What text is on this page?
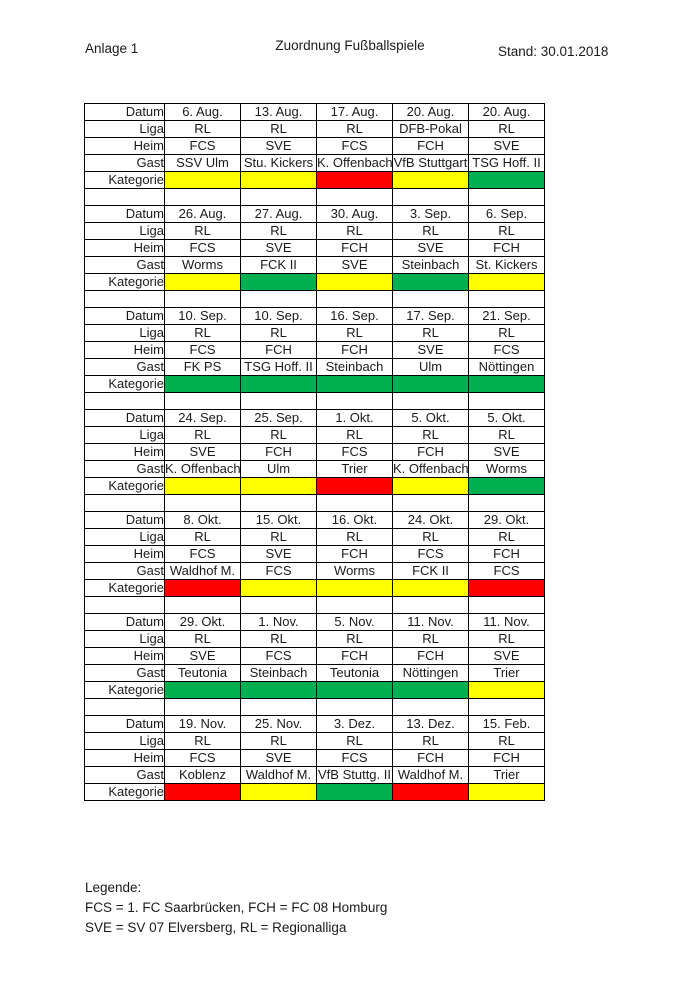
Anlage 1	Zuordnung Fußballspiele	Stand: 30.01.2018
Datum	6. Aug.	13. Aug.	17. Aug.	20. Aug.	20. Aug.
Liga	RL	RL	RL	DFB-Pokal	RL
Heim	FCS	SVE	FCS	FCH	SVE
Gast	SSV Ulm	Stu. Kickers	K. Offenbach	VfB Stuttgart	TSG Hoff. II
Kategorie					

Datum	26. Aug.	27. Aug.	30. Aug.	3. Sep.	6. Sep.
Liga	RL	RL	RL	RL	RL
Heim	FCS	SVE	FCH	SVE	FCH
Gast	Worms	FCK II	SVE	Steinbach	St. Kickers
Kategorie					

Datum	10. Sep.	10. Sep.	16. Sep.	17. Sep.	21. Sep.
Liga	RL	RL	RL	RL	RL
Heim	FCS	FCH	FCH	SVE	FCS
Gast	FK PS	TSG Hoff. II	Steinbach	Ulm	Nöttingen
Kategorie					

Datum	24. Sep.	25. Sep.	1. Okt.	5. Okt.	5. Okt.
Liga	RL	RL	RL	RL	RL
Heim	SVE	FCH	FCS	FCH	SVE
Gast	K. Offenbach	Ulm	Trier	K. Offenbach	Worms
Kategorie					

Datum	8. Okt.	15. Okt.	16. Okt.	24. Okt.	29. Okt.
Liga	RL	RL	RL	RL	RL
Heim	FCS	SVE	FCH	FCS	FCH
Gast	Waldhof M.	FCS	Worms	FCK II	FCS
Kategorie					

Datum	29. Okt.	1. Nov.	5. Nov.	11. Nov.	11. Nov.
Liga	RL	RL	RL	RL	RL
Heim	SVE	FCS	FCH	FCH	SVE
Gast	Teutonia	Steinbach	Teutonia	Nöttingen	Trier
Kategorie					

Datum	19. Nov.	25. Nov.	3. Dez.	13. Dez.	15. Feb.
Liga	RL	RL	RL	RL	RL
Heim	FCS	SVE	FCS	FCH	FCH
Gast	Koblenz	Waldhof M.	VfB Stuttg. II	Waldhof M.	Trier
Kategorie					
Legende:
FCS = 1. FC Saarbrücken, FCH = FC 08 Homburg
SVE = SV 07 Elversberg, RL = Regionalliga
